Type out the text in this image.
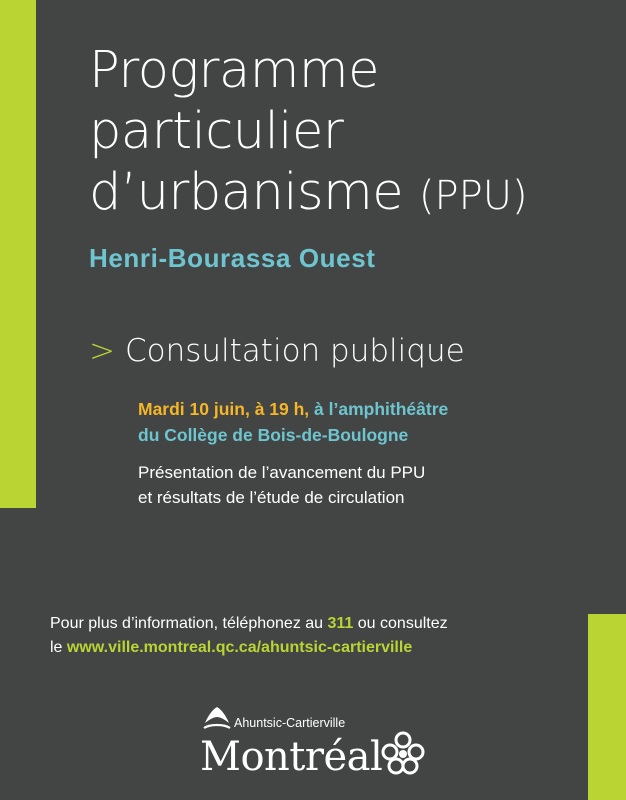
Programme
particulier
d’urbanisme (PPU)
Henri-Bourassa Ouest
> Consultation publique
Mardi 10 juin, à 19 h, à l’amphithéâtre
du Collège de Bois-de-Boulogne
Présentation de l’avancement du PPU
et résultats de l’étude de circulation
Pour plus d’information, téléphonez au 311 ou consultez
le www.ville.montreal.qc.ca/ahuntsic-cartierville
Ahuntsic-Cartierville
Montréal
